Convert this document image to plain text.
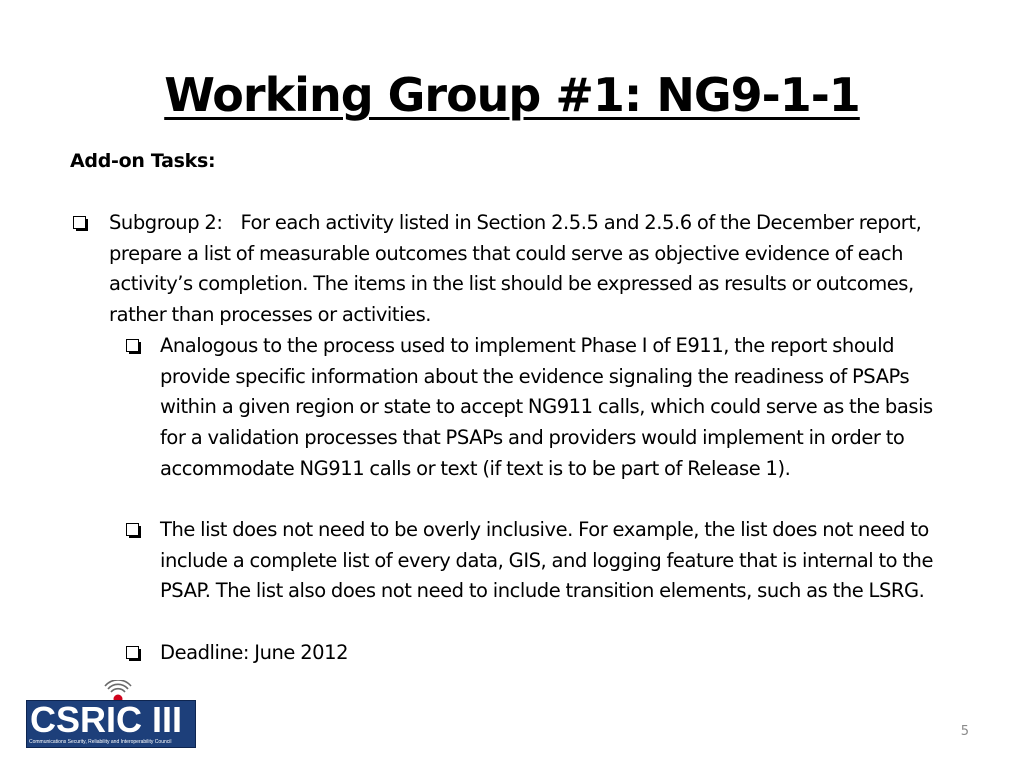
Working Group #1: NG9-1-1
Add-on Tasks:
Subgroup 2: For each activity listed in Section 2.5.5 and 2.5.6 of the December report, prepare a list of measurable outcomes that could serve as objective evidence of each activity’s completion. The items in the list should be expressed as results or outcomes, rather than processes or activities.
Analogous to the process used to implement Phase I of E911, the report should provide specific information about the evidence signaling the readiness of PSAPs within a given region or state to accept NG911 calls, which could serve as the basis for a validation processes that PSAPs and providers would implement in order to accommodate NG911 calls or text (if text is to be part of Release 1).
The list does not need to be overly inclusive. For example, the list does not need to include a complete list of every data, GIS, and logging feature that is internal to the PSAP. The list also does not need to include transition elements, such as the LSRG.
Deadline: June 2012
CSRIC III
Communications Security, Reliability and Interoperability Council
5
